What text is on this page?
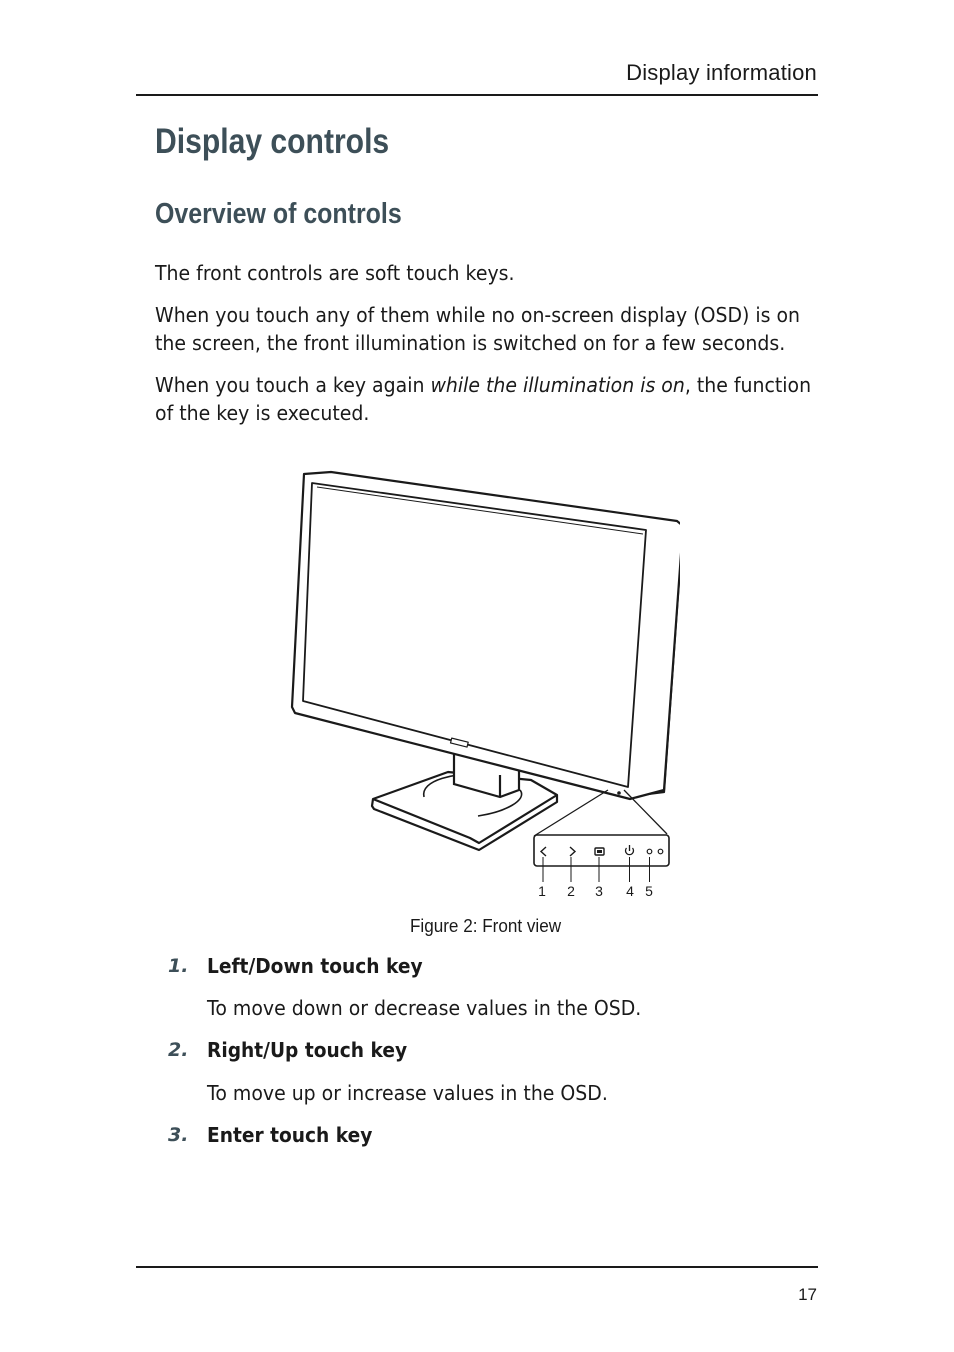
Display information
Display controls
Overview of controls

The front controls are soft touch keys.

When you touch any of them while no on-screen display (OSD) is on the screen, the front illumination is switched on for a few seconds.

When you touch a key again while the illumination is on, the function of the key is executed.

1 2 3 4 5
Figure 2: Front view
1. Left/Down touch key
To move down or decrease values in the OSD.
2. Right/Up touch key
To move up or increase values in the OSD.
3. Enter touch key
17
